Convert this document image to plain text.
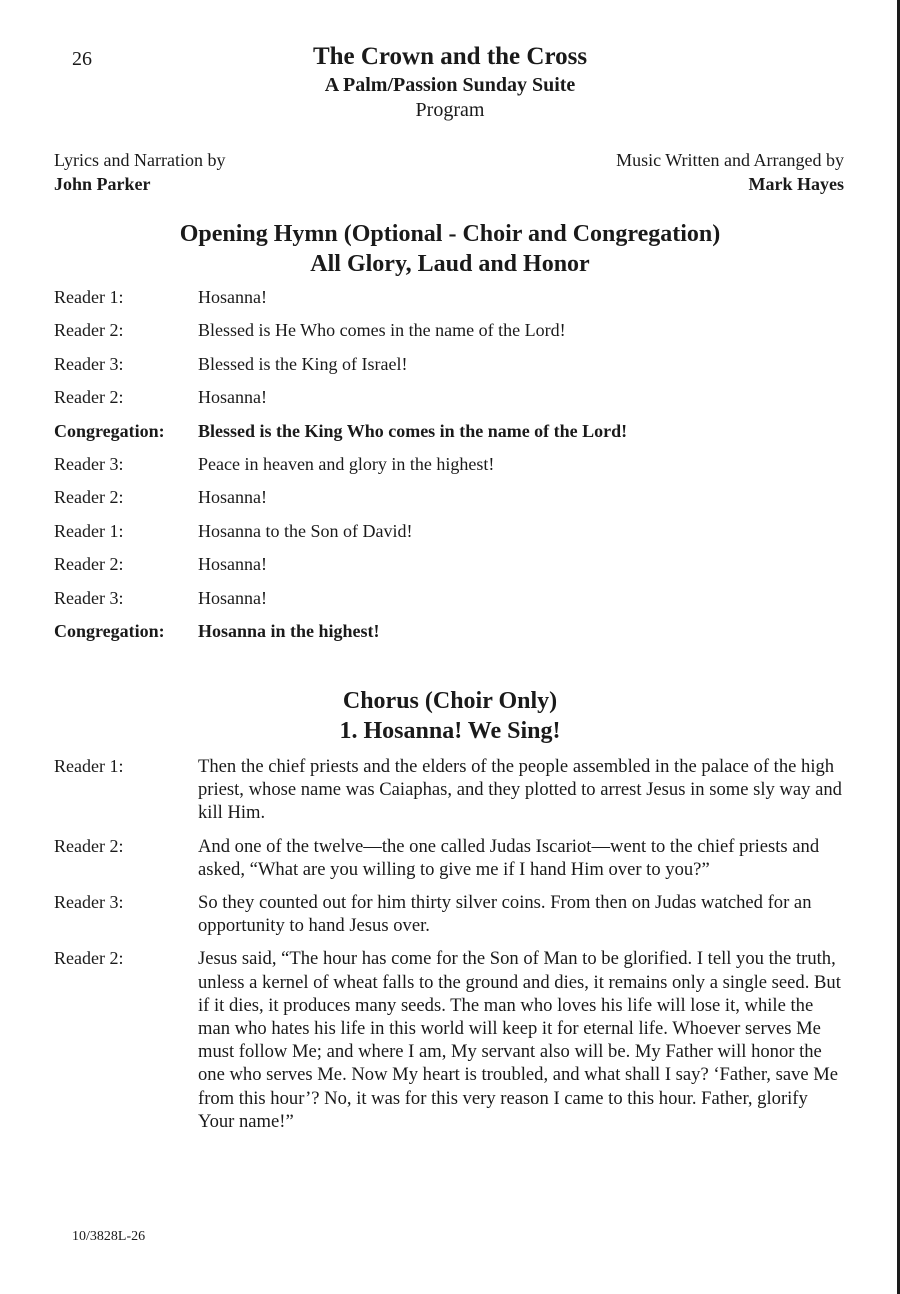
26	The Crown and the Cross
A Palm/Passion Sunday Suite
Program
Lyrics and Narration by
John Parker
Music Written and Arranged by
Mark Hayes
Opening Hymn (Optional - Choir and Congregation)
All Glory, Laud and Honor
Reader 1:	Hosanna!
Reader 2:	Blessed is He Who comes in the name of the Lord!
Reader 3:	Blessed is the King of Israel!
Reader 2:	Hosanna!
Congregation:	Blessed is the King Who comes in the name of the Lord!
Reader 3:	Peace in heaven and glory in the highest!
Reader 2:	Hosanna!
Reader 1:	Hosanna to the Son of David!
Reader 2:	Hosanna!
Reader 3:	Hosanna!
Congregation:	Hosanna in the highest!
Chorus (Choir Only)
1. Hosanna! We Sing!
Reader 1:	Then the chief priests and the elders of the people assembled in the palace of the high priest, whose name was Caiaphas, and they plotted to arrest Jesus in some sly way and kill Him.
Reader 2:	And one of the twelve—the one called Judas Iscariot—went to the chief priests and asked, “What are you willing to give me if I hand Him over to you?”
Reader 3:	So they counted out for him thirty silver coins. From then on Judas watched for an opportunity to hand Jesus over.
Reader 2:	Jesus said, “The hour has come for the Son of Man to be glorified. I tell you the truth, unless a kernel of wheat falls to the ground and dies, it remains only a single seed. But if it dies, it produces many seeds. The man who loves his life will lose it, while the man who hates his life in this world will keep it for eternal life. Whoever serves Me must follow Me; and where I am, My servant also will be. My Father will honor the one who serves Me. Now My heart is troubled, and what shall I say? ‘Father, save Me from this hour’? No, it was for this very reason I came to this hour. Father, glorify Your name!”
10/3828L-26
